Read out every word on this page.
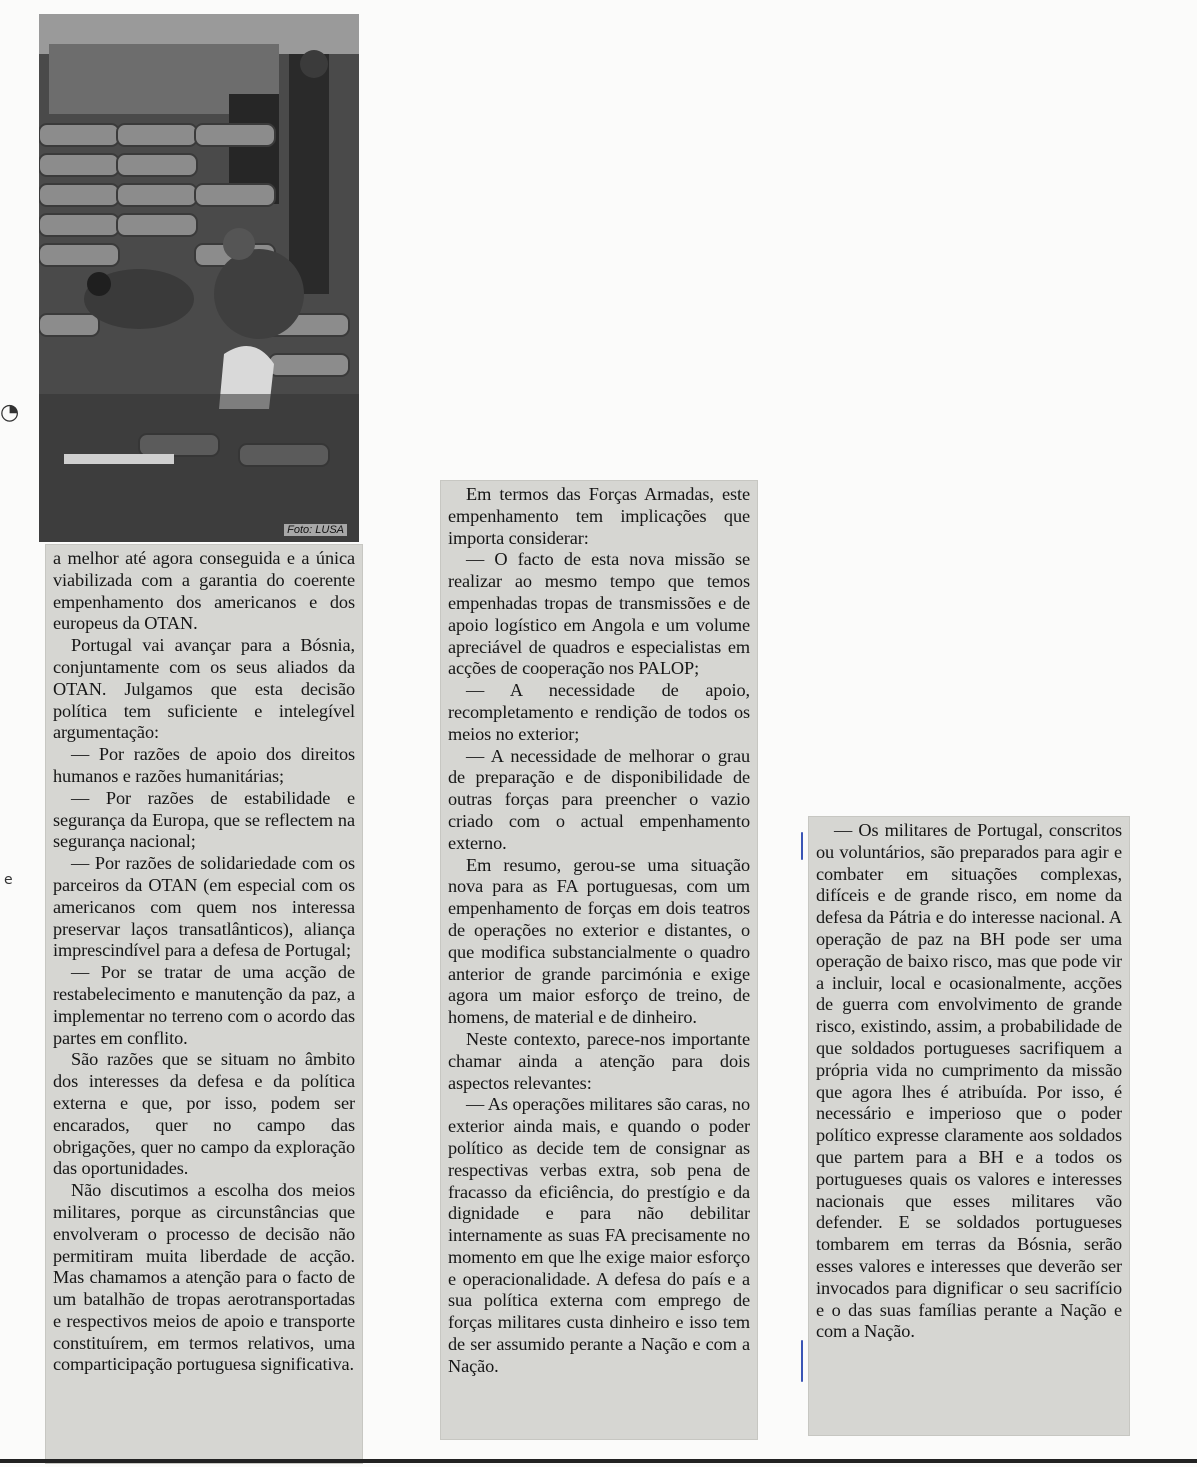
Foto: LUSA
◔
e

a melhor até agora conseguida e a única viabilizada com a garantia do coerente empenhamento dos americanos e dos europeus da OTAN.

Portugal vai avançar para a Bósnia, conjuntamente com os seus aliados da OTAN. Julgamos que esta decisão política tem suficiente e intelegível argumentação:

— Por razões de apoio dos direitos humanos e razões humanitárias;

— Por razões de estabilidade e segurança da Europa, que se reflectem na segurança nacional;

— Por razões de solidariedade com os parceiros da OTAN (em especial com os americanos com quem nos interessa preservar laços transatlânticos), aliança imprescindível para a defesa de Portugal;

— Por se tratar de uma acção de restabelecimento e manutenção da paz, a implementar no terreno com o acordo das partes em conflito.

São razões que se situam no âmbito dos interesses da defesa e da política externa e que, por isso, podem ser encarados, quer no campo das obrigações, quer no campo da exploração das oportunidades.

Não discutimos a escolha dos meios militares, porque as circunstâncias que envolveram o processo de decisão não permitiram muita liberdade de acção. Mas chamamos a atenção para o facto de um batalhão de tropas aerotransportadas e respectivos meios de apoio e transporte constituírem, em termos relativos, uma comparticipação portuguesa significativa.

Em termos das Forças Armadas, este empenhamento tem implicações que importa considerar:

— O facto de esta nova missão se realizar ao mesmo tempo que temos empenhadas tropas de transmissões e de apoio logístico em Angola e um volume apreciável de quadros e especialistas em acções de cooperação nos PALOP;

— A necessidade de apoio, recompletamento e rendição de todos os meios no exterior;

— A necessidade de melhorar o grau de preparação e de disponibilidade de outras forças para preencher o vazio criado com o actual empenhamento externo.

Em resumo, gerou-se uma situação nova para as FA portuguesas, com um empenhamento de forças em dois teatros de operações no exterior e distantes, o que modifica substancialmente o quadro anterior de grande parcimónia e exige agora um maior esforço de treino, de homens, de material e de dinheiro.

Neste contexto, parece-nos importante chamar ainda a atenção para dois aspectos relevantes:

— As operações militares são caras, no exterior ainda mais, e quando o poder político as decide tem de consignar as respectivas verbas extra, sob pena de fracasso da eficiência, do prestígio e da dignidade e para não debilitar internamente as suas FA precisamente no momento em que lhe exige maior esforço e operacionalidade. A defesa do país e a sua política externa com emprego de forças militares custa dinheiro e isso tem de ser assumido perante a Nação e com a Nação.

— Os militares de Portugal, conscritos ou voluntários, são preparados para agir e combater em situações complexas, difíceis e de grande risco, em nome da defesa da Pátria e do interesse nacional. A operação de paz na BH pode ser uma operação de baixo risco, mas que pode vir a incluir, local e ocasionalmente, acções de guerra com envolvimento de grande risco, existindo, assim, a probabilidade de que soldados portugueses sacrifiquem a própria vida no cumprimento da missão que agora lhes é atribuída. Por isso, é necessário e imperioso que o poder político expresse claramente aos soldados que partem para a BH e a todos os portugueses quais os valores e interesses nacionais que esses militares vão defender. E se soldados portugueses tombarem em terras da Bósnia, serão esses valores e interesses que deverão ser invocados para dignificar o seu sacrifício e o das suas famílias perante a Nação e com a Nação.
